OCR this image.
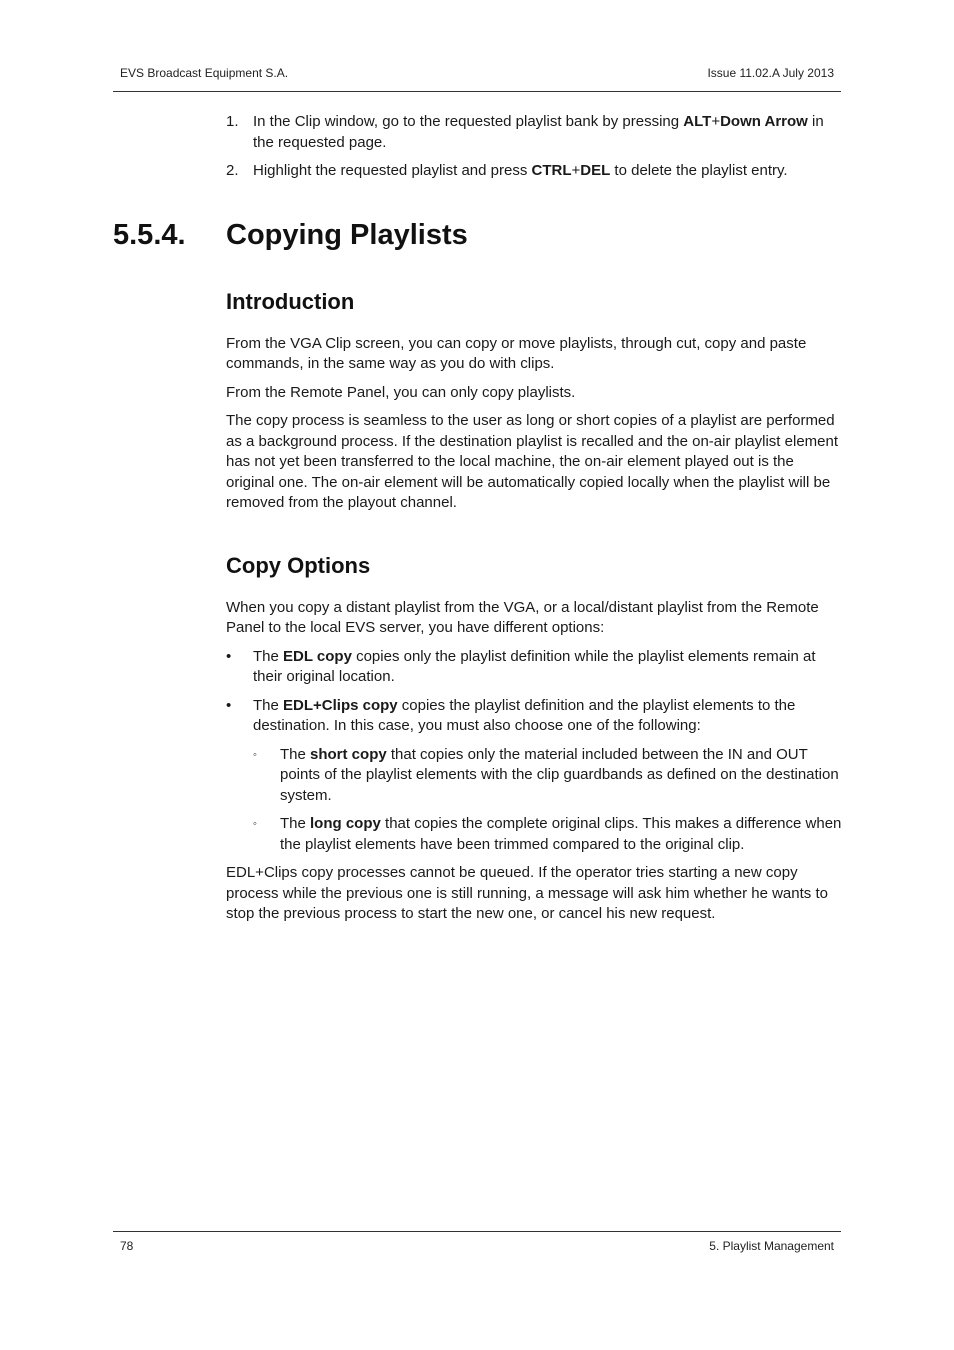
EVS Broadcast Equipment S.A.	Issue 11.02.A July 2013
1. In the Clip window, go to the requested playlist bank by pressing ALT+Down Arrow in the requested page.
2. Highlight the requested playlist and press CTRL+DEL to delete the playlist entry.
5.5.4. Copying Playlists
Introduction

From the VGA Clip screen, you can copy or move playlists, through cut, copy and paste commands, in the same way as you do with clips.

From the Remote Panel, you can only copy playlists.

The copy process is seamless to the user as long or short copies of a playlist are performed as a background process. If the destination playlist is recalled and the on-air playlist element has not yet been transferred to the local machine, the on-air element played out is the original one. The on-air element will be automatically copied locally when the playlist will be removed from the playout channel.

Copy Options

When you copy a distant playlist from the VGA, or a local/distant playlist from the Remote Panel to the local EVS server, you have different options:

• The EDL copy copies only the playlist definition while the playlist elements remain at their original location.
• The EDL+Clips copy copies the playlist definition and the playlist elements to the destination. In this case, you must also choose one of the following:
◦ The short copy that copies only the material included between the IN and OUT points of the playlist elements with the clip guardbands as defined on the destination system.
◦ The long copy that copies the complete original clips. This makes a difference when the playlist elements have been trimmed compared to the original clip.

EDL+Clips copy processes cannot be queued. If the operator tries starting a new copy process while the previous one is still running, a message will ask him whether he wants to stop the previous process to start the new one, or cancel his new request.

78	5. Playlist Management
